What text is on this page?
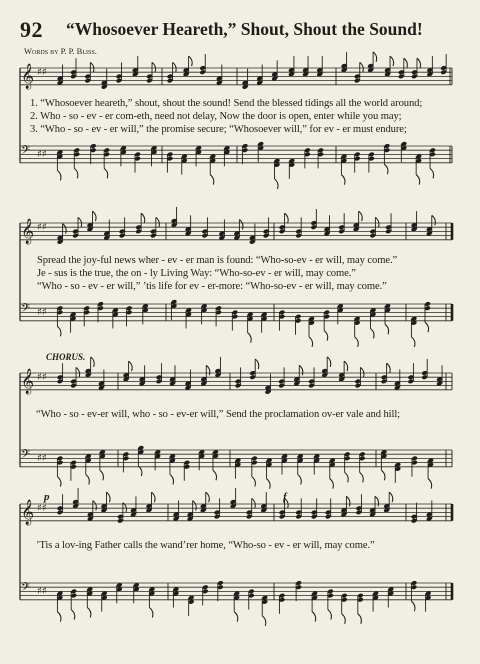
92 “Whosoever Heareth,” Shout, Shout the Sound!
Words by P. P. Bliss.
𝄞 ♯♯
𝄢 ♯♯
𝄞 ♯♯
𝄢 ♯♯
𝄞 ♯♯
𝄢 ♯♯
𝄞 ♯♯
𝄢 ♯♯
1. “Whosoever heareth,” shout, shout the sound! Send the blessed tidings all the world around;
2. Who - so - ev - er com-eth, need not delay, Now the door is open, enter while you may;
3. “Who - so - ev - er will,” the promise secure; “Whosoever will,” for ev - er must endure;
Spread the joy-ful news wher - ev - er man is found: “Who-so-ev - er will, may come.”
Je - sus is the true, the on - ly Living Way: “Who-so-ev - er will, may come.”
“Who - so - ev - er will,” ’tis life for ev - er-more: “Who-so-ev - er will, may come.”
CHORUS.
“Who - so - ev-er will, who - so - ev-er will,” Send the proclamation ov-er vale and hill;
’Tis a lov-ing Father calls the wand’rer home, “Who-so - ev - er will, may come.”
p	f
